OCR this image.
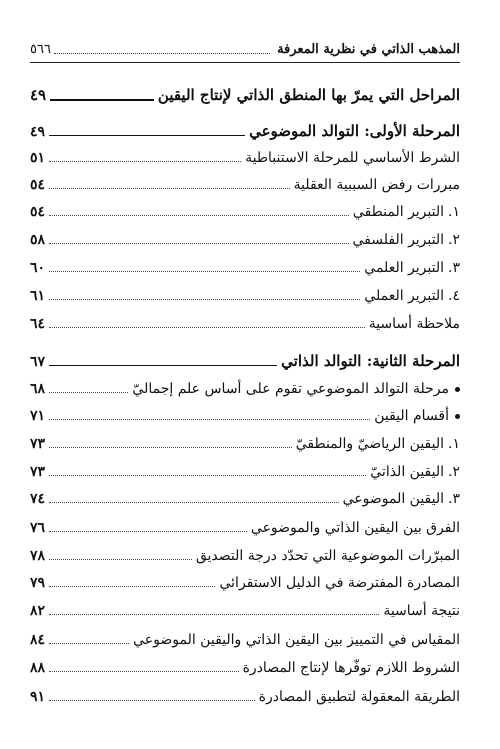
المذهب الذاتي في نظرية المعرفة
٥٦٦
المراحل التي يمرّ بها المنطق الذاتي لإنتاج اليقين
٤٩
المرحلة الأولى: التوالد الموضوعي
٤٩
الشرط الأساسي للمرحلة الاستنباطية
٥١
مبررات رفض السببية العقلية
٥٤
١.التبرير المنطقي
٥٤
٢.التبرير الفلسفي
٥٨
٣.التبرير العلمي
٦٠
٤.التبرير العملي
٦١
ملاحظة أساسية
٦٤
المرحلة الثانية: التوالد الذاتي
٦٧
مرحلة التوالد الموضوعي تقوم على أساس علم إجماليّ
٦٨
أقسام اليقين
٧١
١.اليقين الرياضيّ والمنطقيّ
٧٣
٢.اليقين الذاتيّ
٧٣
٣.اليقين الموضوعي
٧٤
الفرق بين اليقين الذاتي والموضوعي
٧٦
المبرّرات الموضوعية التي تحدّد درجة التصديق
٧٨
المصادرة المفترضة في الدليل الاستقرائي
٧٩
نتيجة أساسية
٨٢
المقياس في التمييز بين اليقين الذاتي واليقين الموضوعي
٨٤
الشروط اللازم توفّرها لإنتاج المصادرة
٨٨
الطريقة المعقولة لتطبيق المصادرة
٩١
